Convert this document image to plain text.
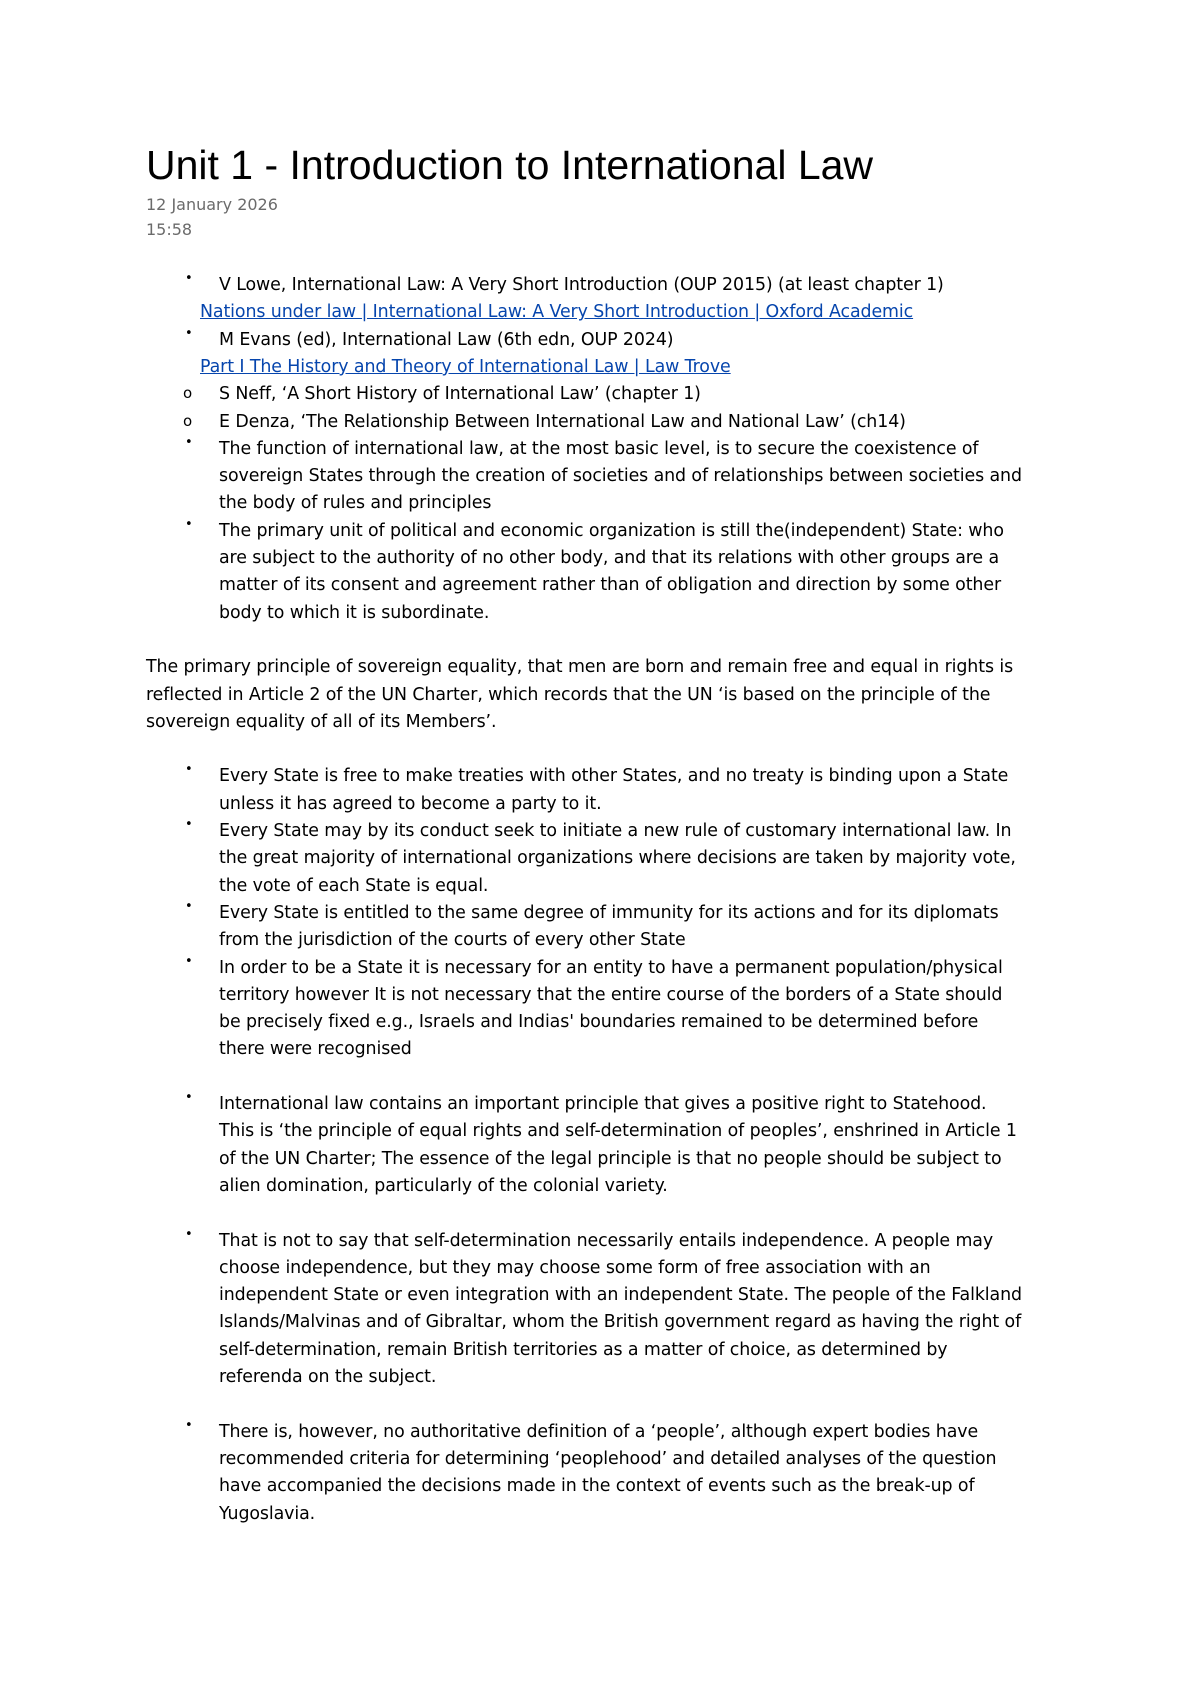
Unit 1 - Introduction to International Law
12 January 2026
15:58
• V Lowe, International Law: A Very Short Introduction (OUP 2015) (at least chapter 1)
Nations under law | International Law: A Very Short Introduction | Oxford Academic
• M Evans (ed), International Law (6th edn, OUP 2024)
Part I The History and Theory of International Law | Law Trove
o S Neff, ‘A Short History of International Law’ (chapter 1)
o E Denza, ‘The Relationship Between International Law and National Law’ (ch14)
• The function of international law, at the most basic level, is to secure the coexistence of
sovereign States through the creation of societies and of relationships between societies and
the body of rules and principles
• The primary unit of political and economic organization is still the(independent) State: who
are subject to the authority of no other body, and that its relations with other groups are a
matter of its consent and agreement rather than of obligation and direction by some other
body to which it is subordinate.
The primary principle of sovereign equality, that men are born and remain free and equal in rights is
reflected in Article 2 of the UN Charter, which records that the UN ‘is based on the principle of the
sovereign equality of all of its Members’.
• Every State is free to make treaties with other States, and no treaty is binding upon a State
unless it has agreed to become a party to it.
• Every State may by its conduct seek to initiate a new rule of customary international law. In
the great majority of international organizations where decisions are taken by majority vote,
the vote of each State is equal.
• Every State is entitled to the same degree of immunity for its actions and for its diplomats
from the jurisdiction of the courts of every other State
• In order to be a State it is necessary for an entity to have a permanent population/physical
territory however It is not necessary that the entire course of the borders of a State should
be precisely fixed e.g., Israels and Indias' boundaries remained to be determined before
there were recognised
• International law contains an important principle that gives a positive right to Statehood.
This is ‘the principle of equal rights and self-determination of peoples’, enshrined in Article 1
of the UN Charter; The essence of the legal principle is that no people should be subject to
alien domination, particularly of the colonial variety.
• That is not to say that self-determination necessarily entails independence. A people may
choose independence, but they may choose some form of free association with an
independent State or even integration with an independent State. The people of the Falkland
Islands/Malvinas and of Gibraltar, whom the British government regard as having the right of
self-determination, remain British territories as a matter of choice, as determined by
referenda on the subject.
• There is, however, no authoritative definition of a ‘people’, although expert bodies have
recommended criteria for determining ‘peoplehood’ and detailed analyses of the question
have accompanied the decisions made in the context of events such as the break-up of
Yugoslavia.
